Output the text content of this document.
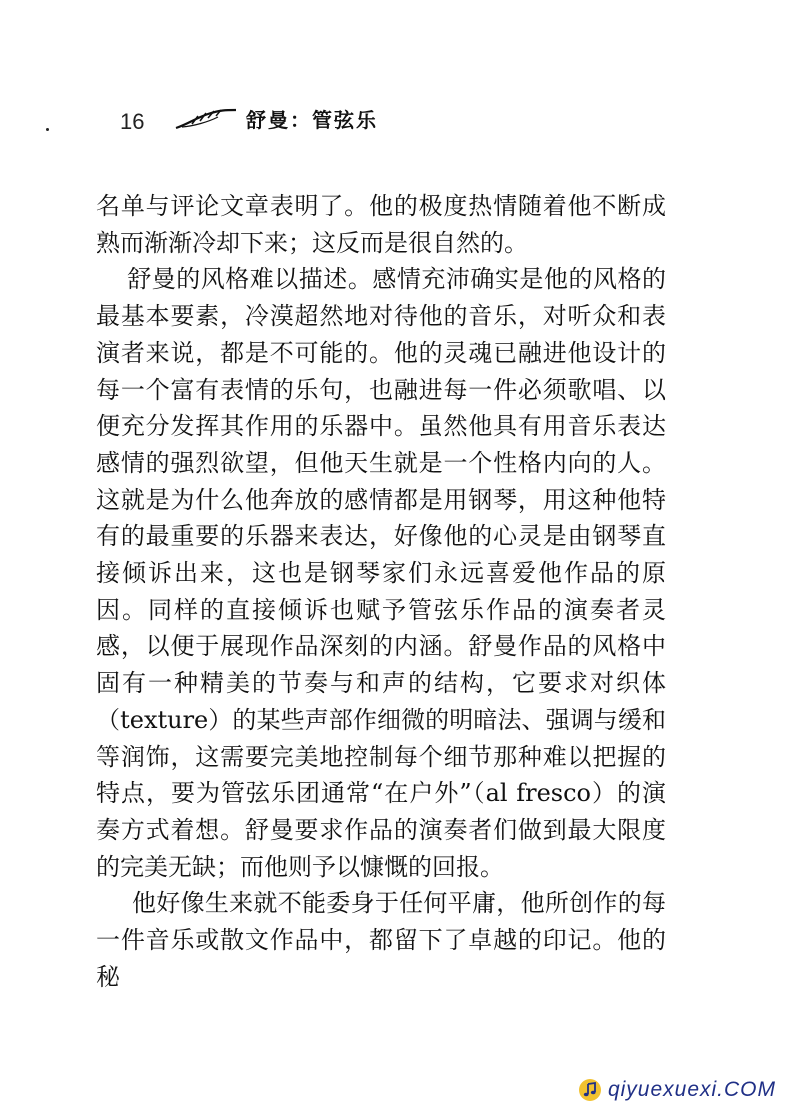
16	舒曼：管弦乐

名单与评论文章表明了。他的极度热情随着他不断成熟而渐渐冷却下来；这反而是很自然的。

舒曼的风格难以描述。感情充沛确实是他的风格的最基本要素，冷漠超然地对待他的音乐，对听众和表演者来说，都是不可能的。他的灵魂已融进他设计的每一个富有表情的乐句，也融进每一件必须歌唱、以便充分发挥其作用的乐器中。虽然他具有用音乐表达感情的强烈欲望，但他天生就是一个性格内向的人。这就是为什么他奔放的感情都是用钢琴，用这种他特有的最重要的乐器来表达，好像他的心灵是由钢琴直接倾诉出来，这也是钢琴家们永远喜爱他作品的原因。同样的直接倾诉也赋予管弦乐作品的演奏者灵感，以便于展现作品深刻的内涵。舒曼作品的风格中固有一种精美的节奏与和声的结构，它要求对织体（texture）的某些声部作细微的明暗法、强调与缓和等润饰，这需要完美地控制每个细节那种难以把握的特点，要为管弦乐团通常“在户外”（al fresco）的演奏方式着想。舒曼要求作品的演奏者们做到最大限度的完美无缺；而他则予以慷慨的回报。

他好像生来就不能委身于任何平庸，他所创作的每一件音乐或散文作品中，都留下了卓越的印记。他的秘

qiyuexuexi.COM
